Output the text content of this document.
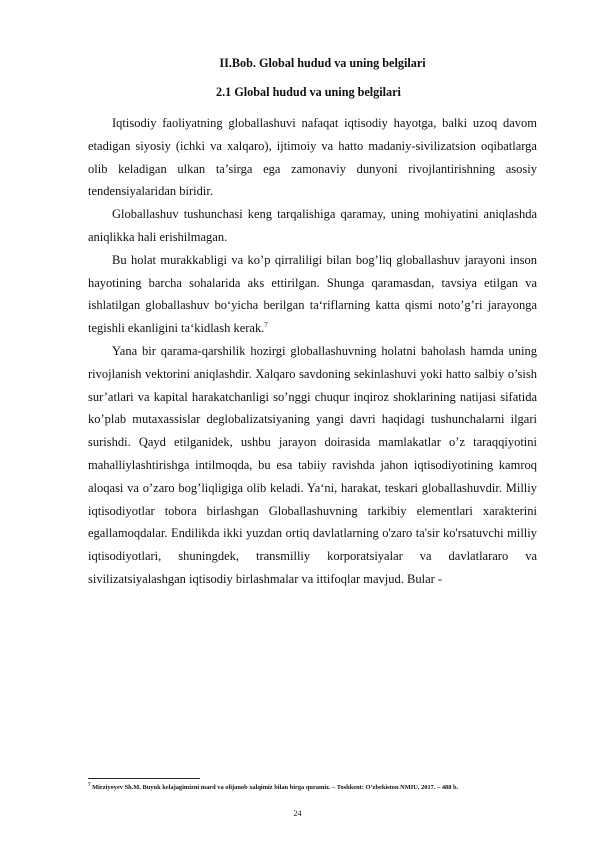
II.Bob. Global hudud va uning belgilari
2.1 Global hudud va uning belgilari

Iqtisodiy faoliyatning globallashuvi nafaqat iqtisodiy hayotga, balki uzoq davom etadigan siyosiy (ichki va xalqaro), ijtimoiy va hatto madaniy-sivilizatsion oqibatlarga olib keladigan ulkan ta’sirga ega zamonaviy dunyoni rivojlantirishning asosiy tendensiyalaridan biridir.

Globallashuv tushunchasi keng tarqalishiga qaramay, uning mohiyatini aniqlashda aniqlikka hali erishilmagan.

Bu holat murakkabligi va ko’p qirraliligi bilan bog’liq globallashuv jarayoni inson hayotining barcha sohalarida aks ettirilgan. Shunga qaramasdan, tavsiya etilgan va ishlatilgan globallashuv bo‘yicha berilgan ta‘riflarning katta qismi noto’g’ri jarayonga tegishli ekanligini ta‘kidlash kerak.$^7$

Yana bir qarama-qarshilik hozirgi globallashuvning holatni baholash hamda uning rivojlanish vektorini aniqlashdir. Xalqaro savdoning sekinlashuvi yoki hatto salbiy o’sish sur’atlari va kapital harakatchanligi so’nggi chuqur inqiroz shoklarining natijasi sifatida ko’plab mutaxassislar deglobalizatsiyaning yangi davri haqidagi tushunchalarni ilgari surishdi. Qayd etilganidek, ushbu jarayon doirasida mamlakatlar o’z taraqqiyotini mahalliylashtirishga intilmoqda, bu esa tabiiy ravishda jahon iqtisodiyotining kamroq aloqasi va o’zaro bog’liqligiga olib keladi. Ya‘ni, harakat, teskari globallashuvdir. Milliy iqtisodiyotlar tobora birlashgan Globallashuvning tarkibiy elementlari xarakterini egallamoqdalar. Endilikda ikki yuzdan ortiq davlatlarning o'zaro ta'sir ko'rsatuvchi milliy iqtisodiyotlari, shuningdek, transmilliy korporatsiyalar va davlatlararo va sivilizatsiyalashgan iqtisodiy birlashmalar va ittifoqlar mavjud. Bular -

$^7$ Mirziyoyev Sh.M. Buyuk kelajagimizni mard va olijanob xalqimiz bilan birga quramiz. – Toshkent: O‘zbekiston NMIU, 2017. – 488 b.
24
